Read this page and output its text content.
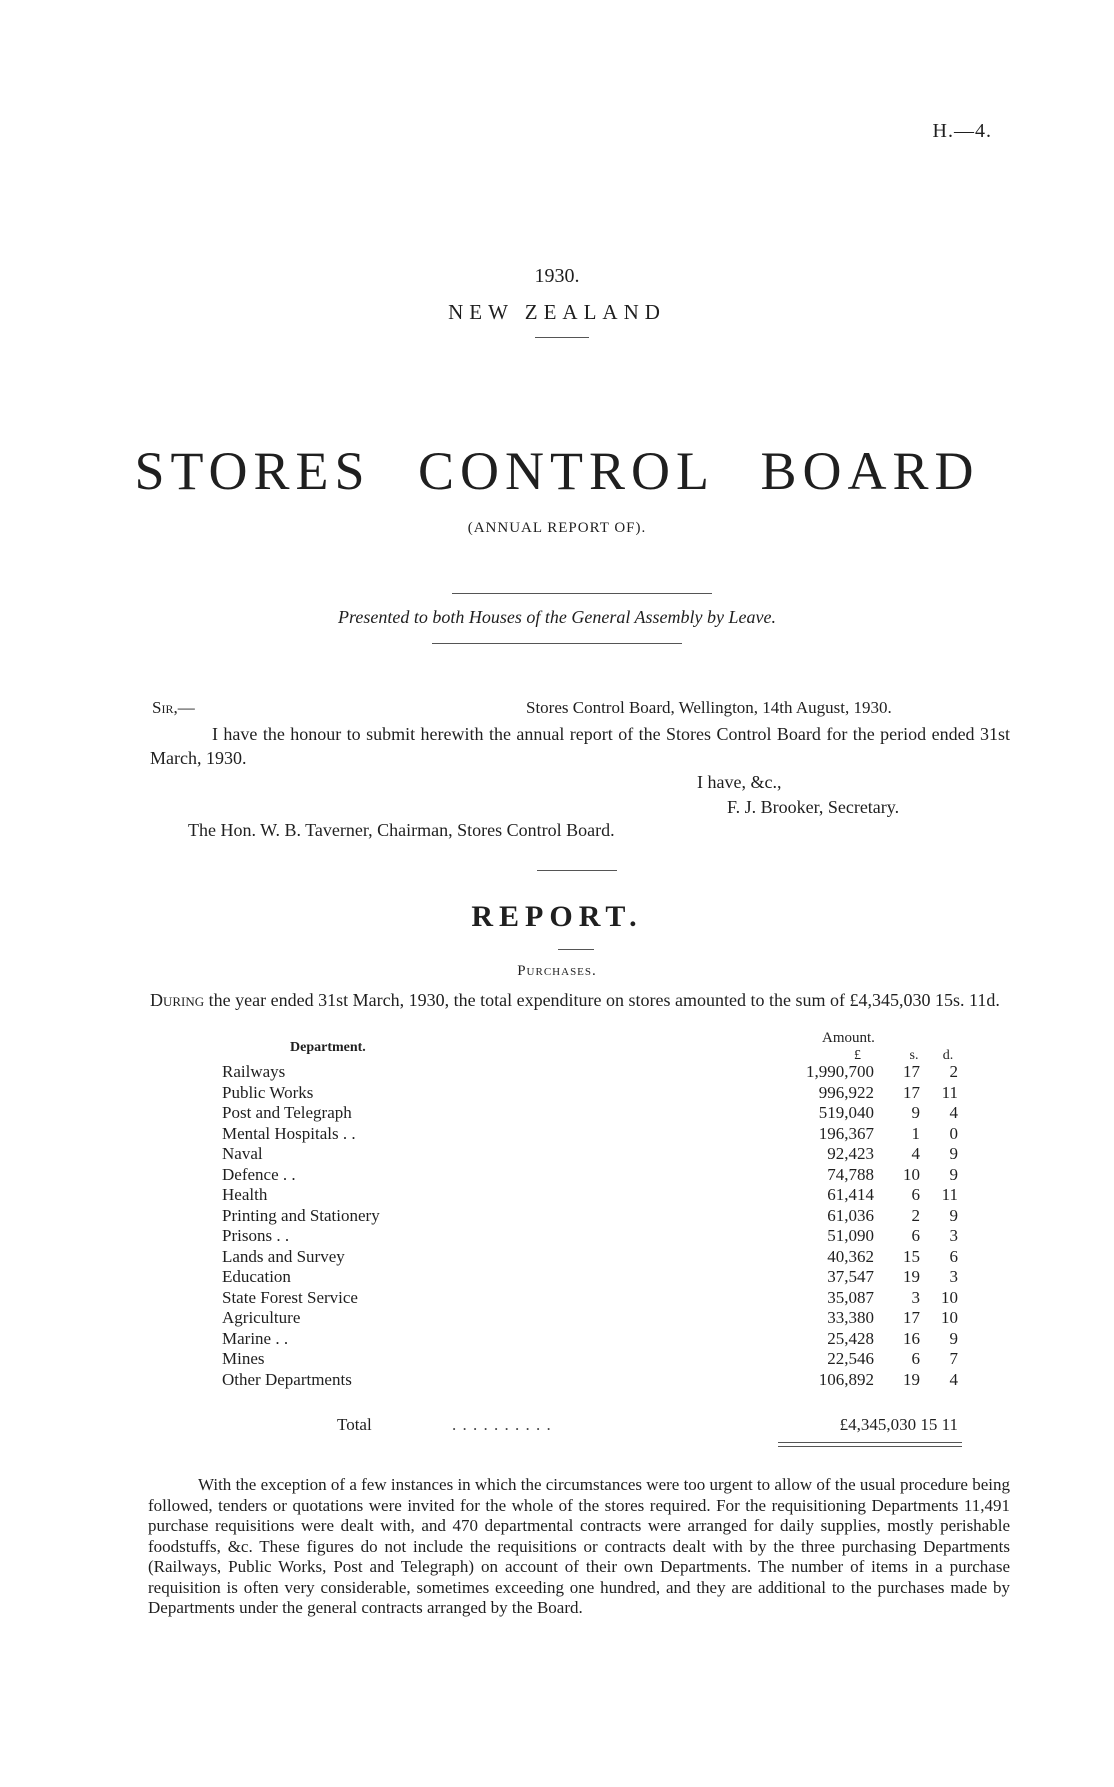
H.—4.
1930.
NEW ZEALAND
STORES CONTROL BOARD
(ANNUAL REPORT OF).
Presented to both Houses of the General Assembly by Leave.
Sir,—	Stores Control Board, Wellington, 14th August, 1930.
I have the honour to submit herewith the annual report of the Stores Control Board for the period ended 31st March, 1930.
I have, &c.,
F. J. Brooker, Secretary.
The Hon. W. B. Taverner, Chairman, Stores Control Board.
REPORT.
Purchases.
During the year ended 31st March, 1930, the total expenditure on stores amounted to the sum of £4,345,030 15s. 11d.
Department.
Amount.
£	s. d.
Railways	1,990,700 17 2
Public Works	996,922 17 11
Post and Telegraph	519,040 9 4
Mental Hospitals . .	196,367 1 0
Naval	92,423 4 9
Defence . .	74,788 10 9
Health	61,414 6 11
Printing and Stationery	61,036 2 9
Prisons . .	51,090 6 3
Lands and Survey	40,362 15 6
Education	37,547 19 3
State Forest Service	35,087 3 10
Agriculture	33,380 17 10
Marine . .	25,428 16 9
Mines	22,546 6 7
Other Departments	106,892 19 4
Total	. . . . . . . . . .	£4,345,030 15 11
With the exception of a few instances in which the circumstances were too urgent to allow of the usual procedure being followed, tenders or quotations were invited for the whole of the stores required. For the requisitioning Departments 11,491 purchase requisitions were dealt with, and 470 departmental contracts were arranged for daily supplies, mostly perishable foodstuffs, &c. These figures do not include the requisitions or contracts dealt with by the three purchasing Departments (Railways, Public Works, Post and Telegraph) on account of their own Departments. The number of items in a purchase requisition is often very considerable, sometimes exceeding one hundred, and they are additional to the purchases made by Departments under the general contracts arranged by the Board.
